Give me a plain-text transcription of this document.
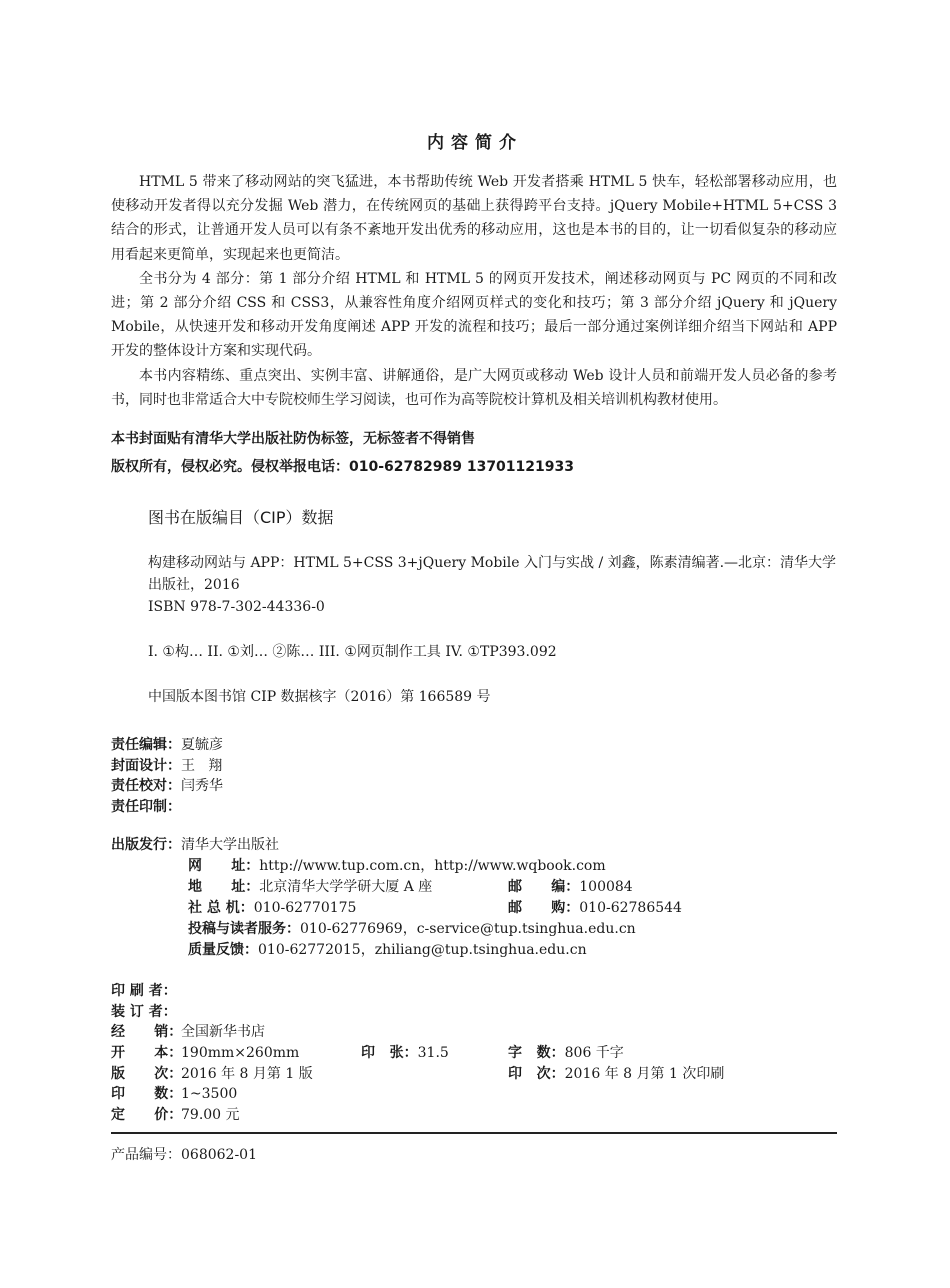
内容简介

HTML 5 带来了移动网站的突飞猛进，本书帮助传统 Web 开发者搭乘 HTML 5 快车，轻松部署移动应用，也使移动开发者得以充分发掘 Web 潜力，在传统网页的基础上获得跨平台支持。jQuery Mobile+HTML 5+CSS 3 结合的形式，让普通开发人员可以有条不紊地开发出优秀的移动应用，这也是本书的目的，让一切看似复杂的移动应用看起来更简单，实现起来也更简洁。

全书分为 4 部分：第 1 部分介绍 HTML 和 HTML 5 的网页开发技术，阐述移动网页与 PC 网页的不同和改进；第 2 部分介绍 CSS 和 CSS3，从兼容性角度介绍网页样式的变化和技巧；第 3 部分介绍 jQuery 和 jQuery Mobile，从快速开发和移动开发角度阐述 APP 开发的流程和技巧；最后一部分通过案例详细介绍当下网站和 APP 开发的整体设计方案和实现代码。

本书内容精练、重点突出、实例丰富、讲解通俗，是广大网页或移动 Web 设计人员和前端开发人员必备的参考书，同时也非常适合大中专院校师生学习阅读，也可作为高等院校计算机及相关培训机构教材使用。

本书封面贴有清华大学出版社防伪标签，无标签者不得销售
版权所有，侵权必究。侵权举报电话：010-62782989 13701121933
图书在版编目（CIP）数据
构建移动网站与 APP：HTML 5+CSS 3+jQuery Mobile 入门与实战 / 刘鑫，陈素清编著.—北京：清华大学出版社，2016
ISBN 978-7-302-44336-0
I. ①构… II. ①刘… ②陈… III. ①网页制作工具 IV. ①TP393.092
中国版本图书馆 CIP 数据核字（2016）第 166589 号
责任编辑： 夏毓彦
封面设计： 王   翔
责任校对： 闫秀华
责任印制：
出版发行：清华大学出版社
网      址：http://www.tup.com.cn，http://www.wqbook.com
地      址：北京清华大学学研大厦 A 座	邮      编：100084
社 总 机：010-62770175	邮      购：010-62786544
投稿与读者服务：010-62776969，c-service@tup.tsinghua.edu.cn
质量反馈：010-62772015，zhiliang@tup.tsinghua.edu.cn
印 刷 者：
装 订 者：
经      销：全国新华书店
开      本：190mm×260mm	印   张：31.5	字   数：806 千字
版      次：2016 年 8 月第 1 版	印   次：2016 年 8 月第 1 次印刷
印      数：1~3500
定      价：79.00 元
产品编号：068062-01
